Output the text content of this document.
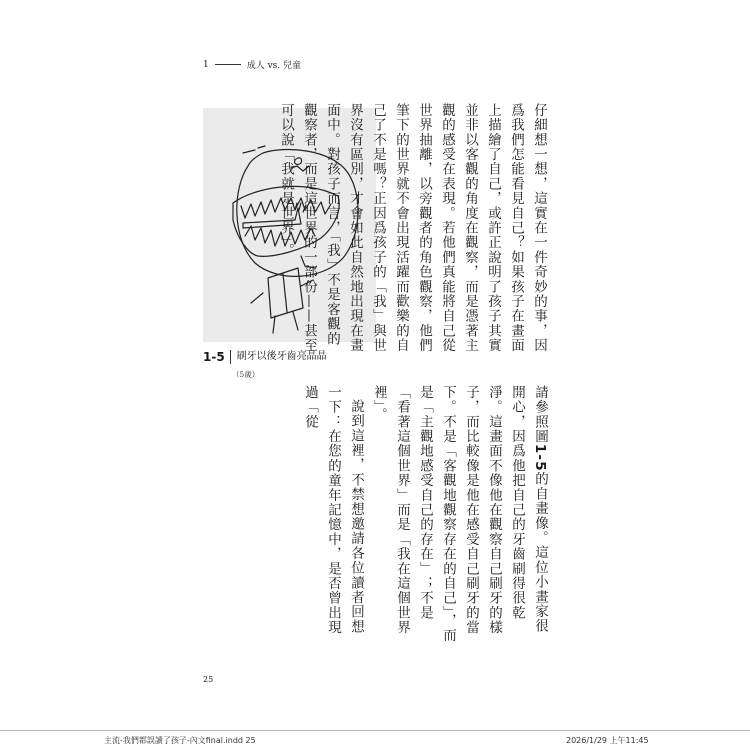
1	成人 vs. 兒童
1-5	刷牙以後牙齒亮晶晶
（5歲）

仔細想一想，這實在一件奇妙的事，因爲我們怎能看見自己？如果孩子在畫面上描繪了自己，或許正說明了孩子其實並非以客觀的角度在觀察，而是憑著主觀的感受在表現。若他們真能將自己從世界抽離，以旁觀者的角色觀察，他們筆下的世界就不會出現活躍而歡樂的自己了不是嗎？正因爲孩子的「我」與世界沒有區別，才會如此自然地出現在畫面中。對孩子而言，「我」不是客觀的觀察者，而是這世界的一部份——甚至可以說「我就是世界」。

請參照圖1-5的自畫像。這位小畫家很開心，因爲他把自己的牙齒刷得很乾淨。這畫面不像他在觀察自己刷牙的樣子，而比較像是他在感受自己刷牙的當下。不是「客觀地觀察存在的自己」，而是「主觀地感受自己的存在」；不是「看著這個世界」而是「我在這個世界裡」。

說到這裡，不禁想邀請各位讀者回想一下：在您的童年記憶中，是否曾出現過「從

25
主流-我們都誤讀了孩子-內文final.indd 25	2026/1/29 上午11:45
